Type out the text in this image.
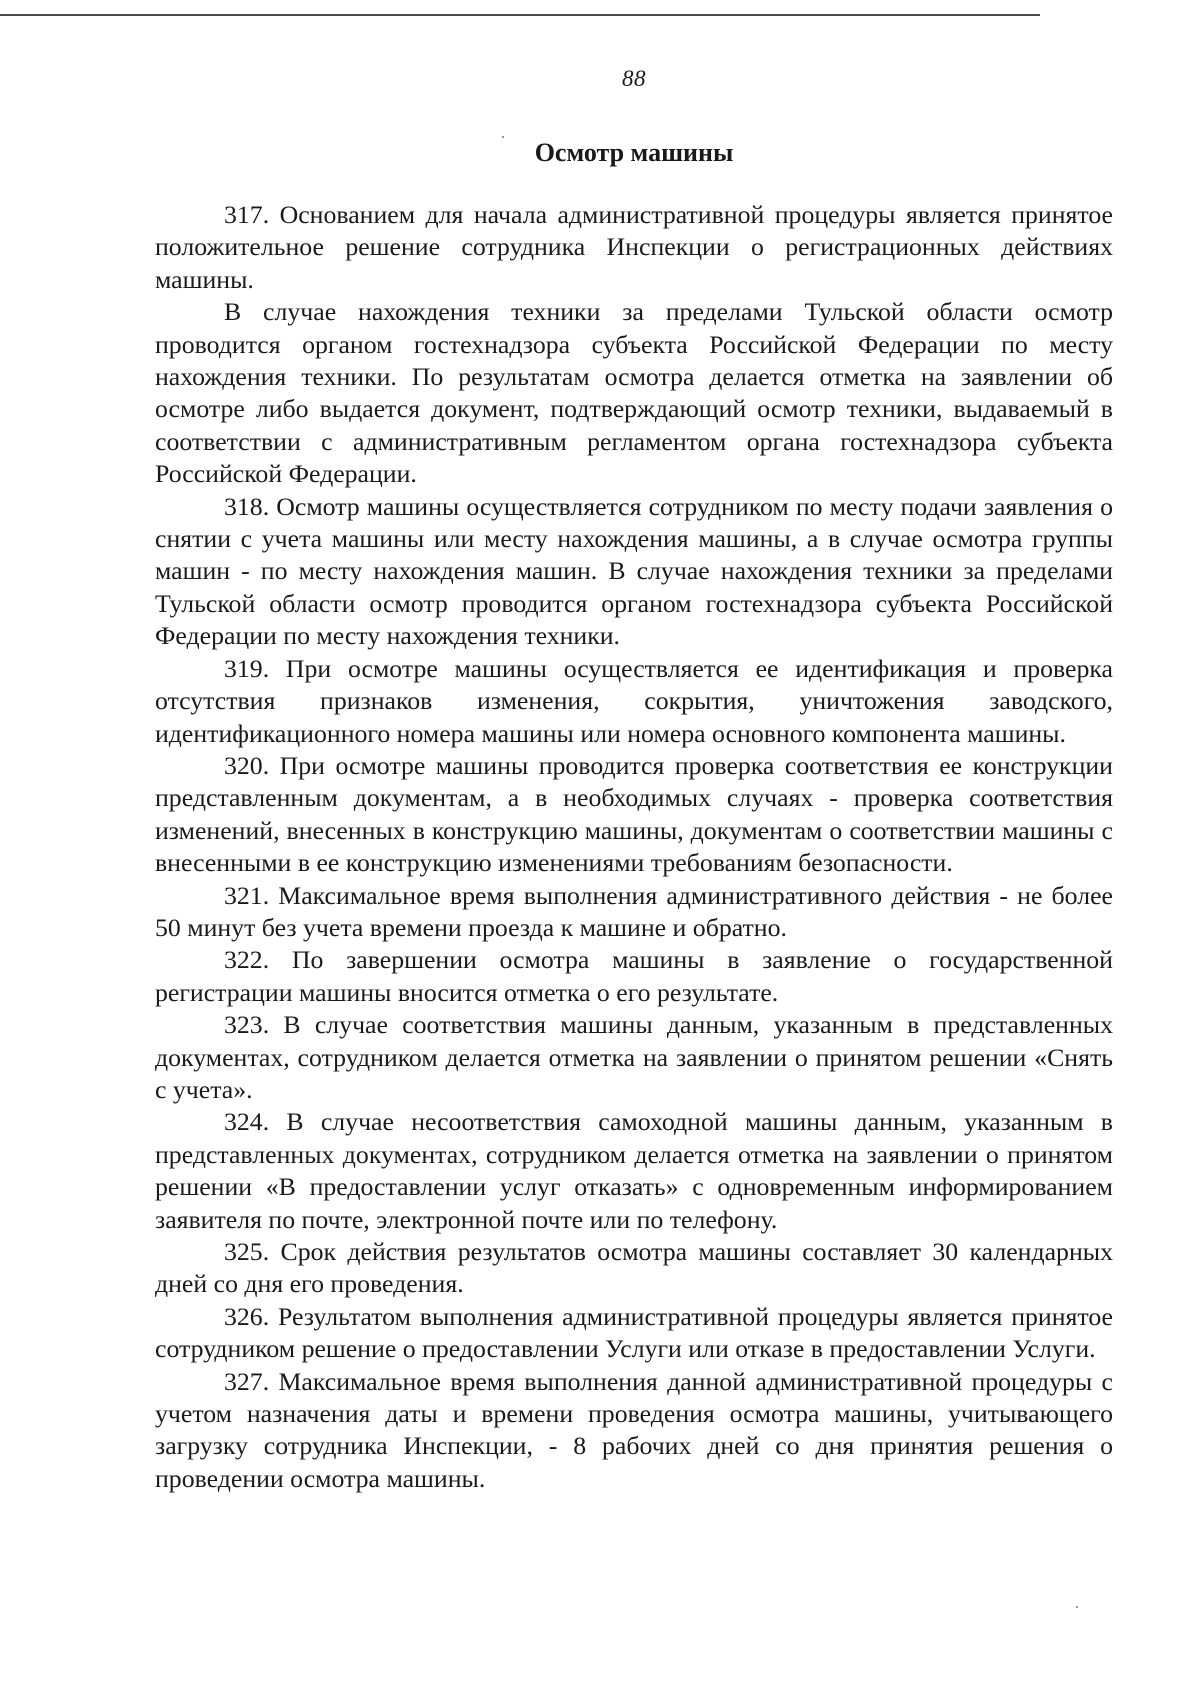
88
Осмотр машины

317. Основанием для начала административной процедуры является принятое положительное решение сотрудника Инспекции о регистрационных действиях машины.

В случае нахождения техники за пределами Тульской области осмотр проводится органом гостехнадзора субъекта Российской Федерации по месту нахождения техники. По результатам осмотра делается отметка на заявлении об осмотре либо выдается документ, подтверждающий осмотр техники, выдаваемый в соответствии с административным регламентом органа гостехнадзора субъекта Российской Федерации.

318. Осмотр машины осуществляется сотрудником по месту подачи заявления о снятии с учета машины или месту нахождения машины, а в случае осмотра группы машин - по месту нахождения машин. В случае нахождения техники за пределами Тульской области осмотр проводится органом гостехнадзора субъекта Российской Федерации по месту нахождения техники.

319. При осмотре машины осуществляется ее идентификация и проверка отсутствия признаков изменения, сокрытия, уничтожения заводского, идентификационного номера машины или номера основного компонента машины.

320. При осмотре машины проводится проверка соответствия ее конструкции представленным документам, а в необходимых случаях - проверка соответствия изменений, внесенных в конструкцию машины, документам о соответствии машины с внесенными в ее конструкцию изменениями требованиям безопасности.

321. Максимальное время выполнения административного действия - не более 50 минут без учета времени проезда к машине и обратно.

322. По завершении осмотра машины в заявление о государственной регистрации машины вносится отметка о его результате.

323. В случае соответствия машины данным, указанным в представленных документах, сотрудником делается отметка на заявлении о принятом решении «Снять с учета».

324. В случае несоответствия самоходной машины данным, указанным в представленных документах, сотрудником делается отметка на заявлении о принятом решении «В предоставлении услуг отказать» с одновременным информированием заявителя по почте, электронной почте или по телефону.

325. Срок действия результатов осмотра машины составляет 30 календарных дней со дня его проведения.

326. Результатом выполнения административной процедуры является принятое сотрудником решение о предоставлении Услуги или отказе в предоставлении Услуги.

327. Максимальное время выполнения данной административной процедуры с учетом назначения даты и времени проведения осмотра машины, учитывающего загрузку сотрудника Инспекции, - 8 рабочих дней со дня принятия решения о проведении осмотра машины.
